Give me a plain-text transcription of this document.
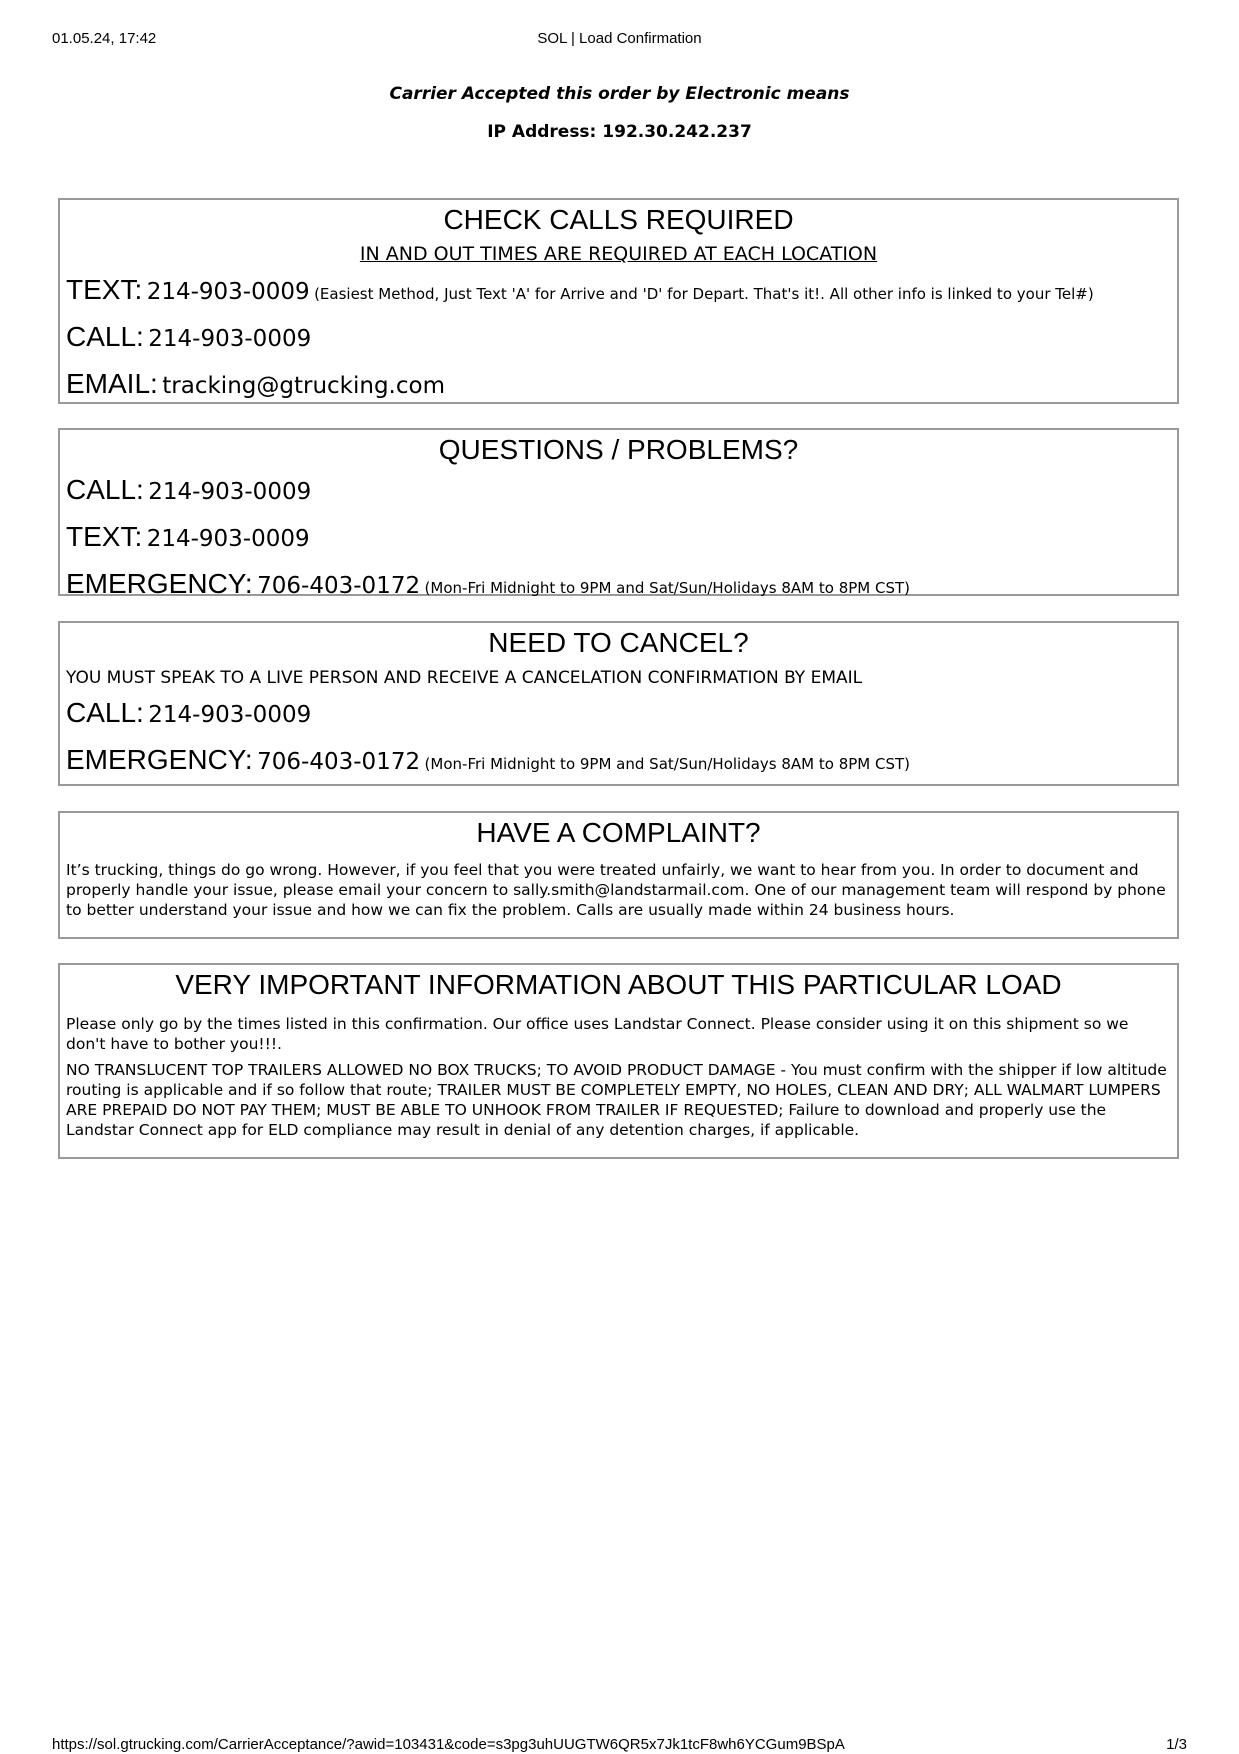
01.05.24, 17:42	SOL | Load Confirmation
Carrier Accepted this order by Electronic means
IP Address: 192.30.242.237
CHECK CALLS REQUIRED
IN AND OUT TIMES ARE REQUIRED AT EACH LOCATION
TEXT: 214-903-0009 (Easiest Method, Just Text 'A' for Arrive and 'D' for Depart. That's it!. All other info is linked to your Tel#)
CALL: 214-903-0009
EMAIL: tracking@gtrucking.com
QUESTIONS / PROBLEMS?
CALL: 214-903-0009
TEXT: 214-903-0009
EMERGENCY: 706-403-0172 (Mon-Fri Midnight to 9PM and Sat/Sun/Holidays 8AM to 8PM CST)
NEED TO CANCEL?
YOU MUST SPEAK TO A LIVE PERSON AND RECEIVE A CANCELATION CONFIRMATION BY EMAIL
CALL: 214-903-0009
EMERGENCY: 706-403-0172 (Mon-Fri Midnight to 9PM and Sat/Sun/Holidays 8AM to 8PM CST)
HAVE A COMPLAINT?
It’s trucking, things do go wrong. However, if you feel that you were treated unfairly, we want to hear from you. In order to document and properly handle your issue, please email your concern to sally.smith@landstarmail.com. One of our management team will respond by phone to better understand your issue and how we can fix the problem. Calls are usually made within 24 business hours.
VERY IMPORTANT INFORMATION ABOUT THIS PARTICULAR LOAD
Please only go by the times listed in this confirmation. Our office uses Landstar Connect. Please consider using it on this shipment so we don't have to bother you!!!.
NO TRANSLUCENT TOP TRAILERS ALLOWED NO BOX TRUCKS; TO AVOID PRODUCT DAMAGE - You must confirm with the shipper if low altitude routing is applicable and if so follow that route; TRAILER MUST BE COMPLETELY EMPTY, NO HOLES, CLEAN AND DRY; ALL WALMART LUMPERS ARE PREPAID DO NOT PAY THEM; MUST BE ABLE TO UNHOOK FROM TRAILER IF REQUESTED; Failure to download and properly use the Landstar Connect app for ELD compliance may result in denial of any detention charges, if applicable.
https://sol.gtrucking.com/CarrierAcceptance/?awid=103431&code=s3pg3uhUUGTW6QR5x7Jk1tcF8wh6YCGum9BSpA	1/3
